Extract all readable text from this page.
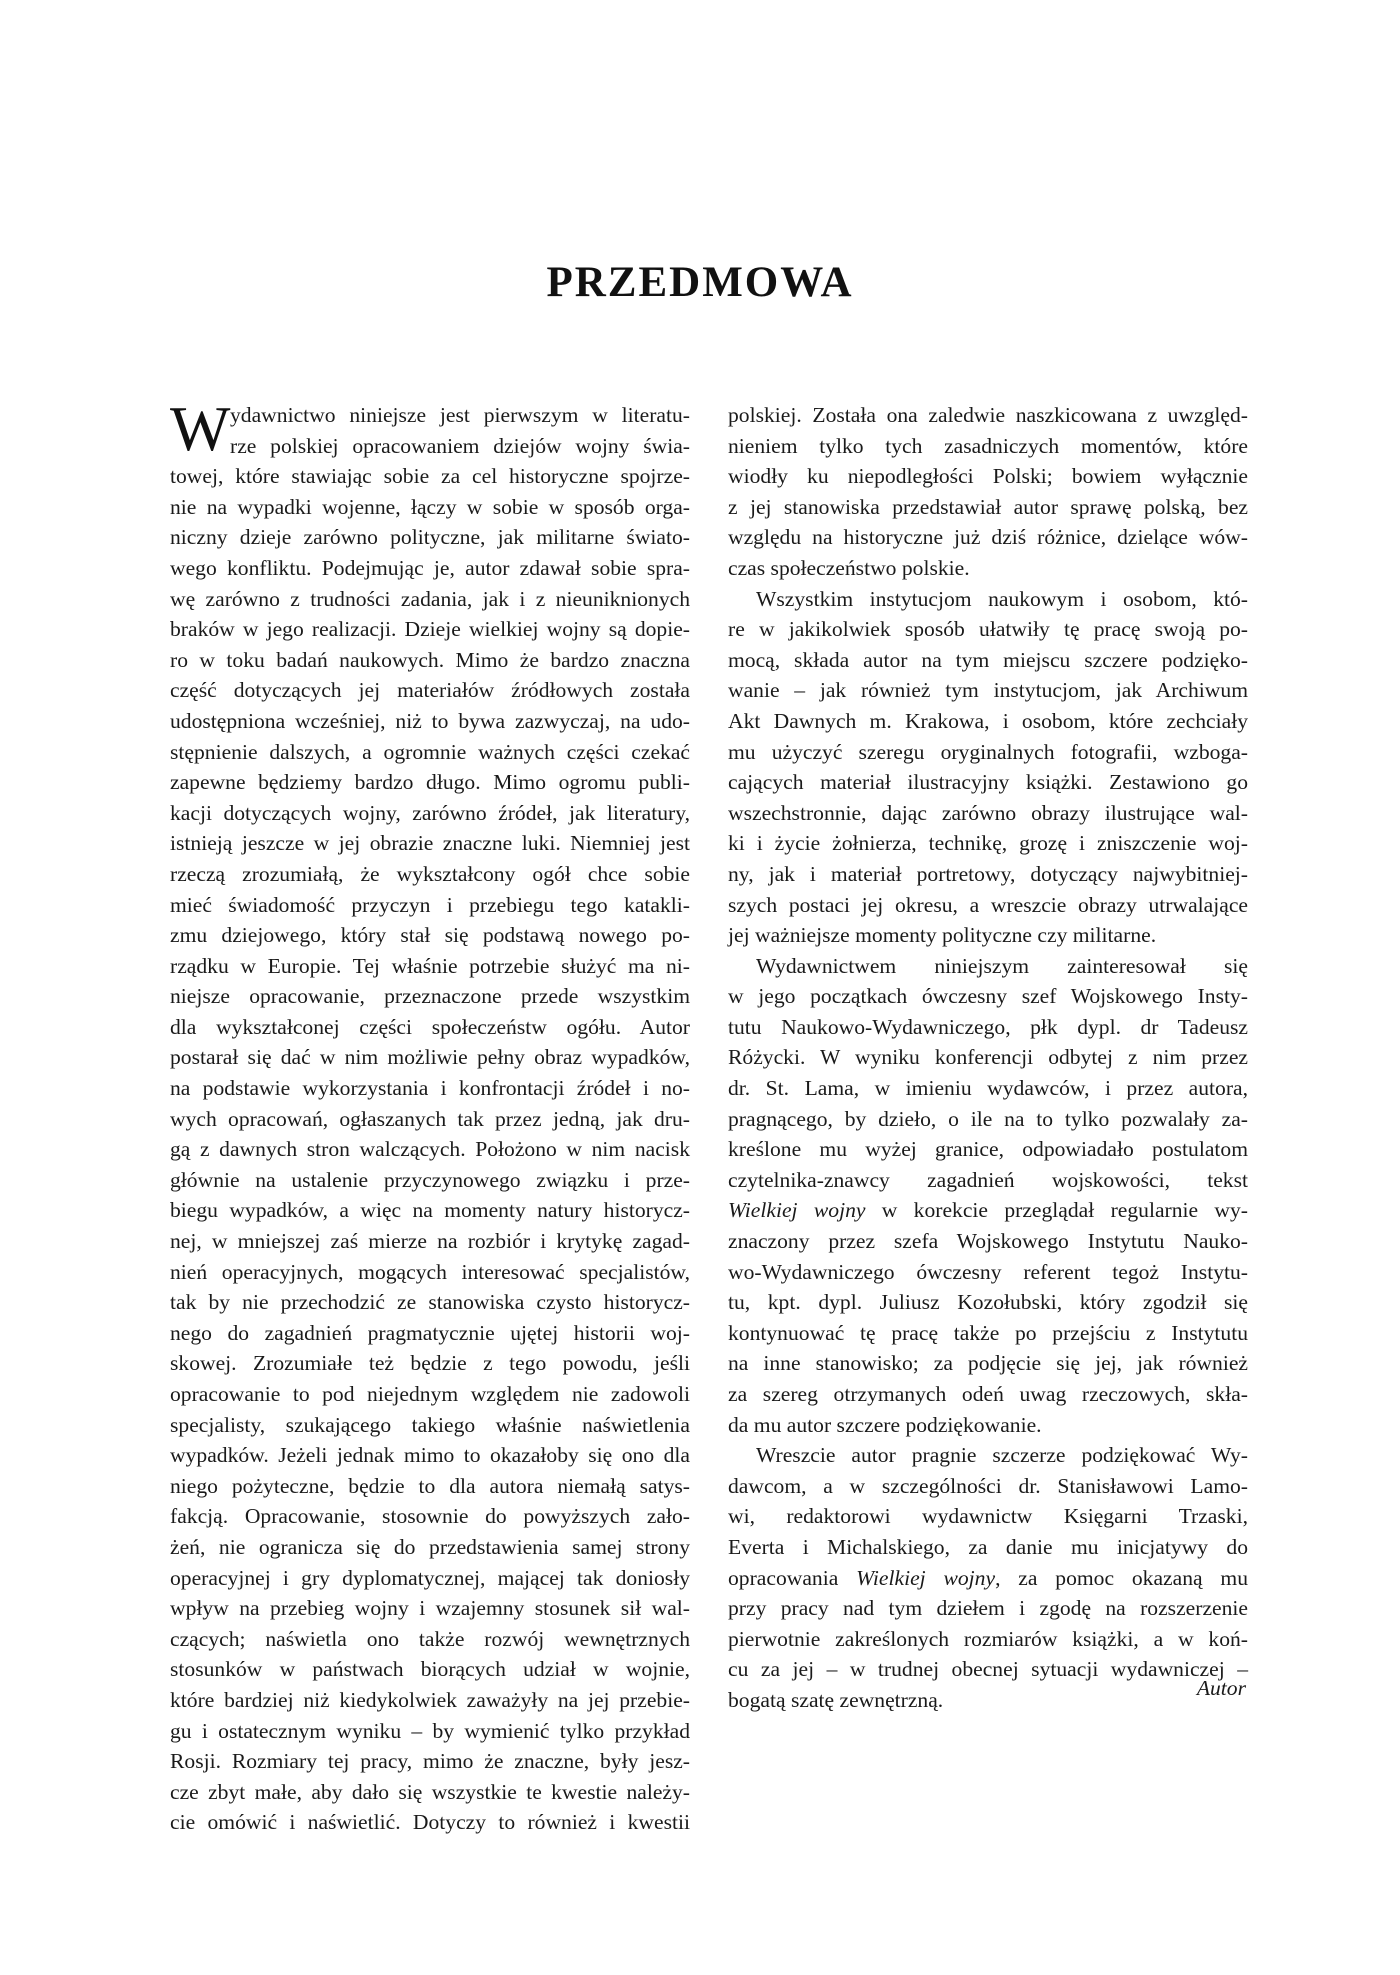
PRZEDMOWA
W ydawnictwo niniejsze jest pierwszym w literatu-
rze polskiej opracowaniem dziejów wojny świa-
towej, które stawiając sobie za cel historyczne spojrze-
nie na wypadki wojenne, łączy w sobie w sposób orga-
niczny dzieje zarówno polityczne, jak militarne świato-
wego konfliktu. Podejmując je, autor zdawał sobie spra-
wę zarówno z trudności zadania, jak i z nieuniknionych
braków w jego realizacji. Dzieje wielkiej wojny są dopie-
ro w toku badań naukowych. Mimo że bardzo znaczna
część dotyczących jej materiałów źródłowych została
udostępniona wcześniej, niż to bywa zazwyczaj, na udo-
stępnienie dalszych, a ogromnie ważnych części czekać
zapewne będziemy bardzo długo. Mimo ogromu publi-
kacji dotyczących wojny, zarówno źródeł, jak literatury,
istnieją jeszcze w jej obrazie znaczne luki. Niemniej jest
rzeczą zrozumiałą, że wykształcony ogół chce sobie
mieć świadomość przyczyn i przebiegu tego katakli-
zmu dziejowego, który stał się podstawą nowego po-
rządku w Europie. Tej właśnie potrzebie służyć ma ni-
niejsze opracowanie, przeznaczone przede wszystkim
dla wykształconej części społeczeństw ogółu. Autor
postarał się dać w nim możliwie pełny obraz wypadków,
na podstawie wykorzystania i konfrontacji źródeł i no-
wych opracowań, ogłaszanych tak przez jedną, jak dru-
gą z dawnych stron walczących. Położono w nim nacisk
głównie na ustalenie przyczynowego związku i prze-
biegu wypadków, a więc na momenty natury historycz-
nej, w mniejszej zaś mierze na rozbiór i krytykę zagad-
nień operacyjnych, mogących interesować specjalistów,
tak by nie przechodzić ze stanowiska czysto historycz-
nego do zagadnień pragmatycznie ujętej historii woj-
skowej. Zrozumiałe też będzie z tego powodu, jeśli
opracowanie to pod niejednym względem nie zadowoli
specjalisty, szukającego takiego właśnie naświetlenia
wypadków. Jeżeli jednak mimo to okazałoby się ono dla
niego pożyteczne, będzie to dla autora niemałą satys-
fakcją. Opracowanie, stosownie do powyższych zało-
żeń, nie ogranicza się do przedstawienia samej strony
operacyjnej i gry dyplomatycznej, mającej tak doniosły
wpływ na przebieg wojny i wzajemny stosunek sił wal-
czących; naświetla ono także rozwój wewnętrznych
stosunków w państwach biorących udział w wojnie,
które bardziej niż kiedykolwiek zaważyły na jej przebie-
gu i ostatecznym wyniku – by wymienić tylko przykład
Rosji. Rozmiary tej pracy, mimo że znaczne, były jesz-
cze zbyt małe, aby dało się wszystkie te kwestie należy-
cie omówić i naświetlić. Dotyczy to również i kwestii
polskiej. Została ona zaledwie naszkicowana z uwzględ-
nieniem tylko tych zasadniczych momentów, które
wiodły ku niepodległości Polski; bowiem wyłącznie
z jej stanowiska przedstawiał autor sprawę polską, bez
względu na historyczne już dziś różnice, dzielące wów-
czas społeczeństwo polskie.
Wszystkim instytucjom naukowym i osobom, któ-
re w jakikolwiek sposób ułatwiły tę pracę swoją po-
mocą, składa autor na tym miejscu szczere podzięko-
wanie – jak również tym instytucjom, jak Archiwum
Akt Dawnych m. Krakowa, i osobom, które zechciały
mu użyczyć szeregu oryginalnych fotografii, wzboga-
cających materiał ilustracyjny książki. Zestawiono go
wszechstronnie, dając zarówno obrazy ilustrujące wal-
ki i życie żołnierza, technikę, grozę i zniszczenie woj-
ny, jak i materiał portretowy, dotyczący najwybitniej-
szych postaci jej okresu, a wreszcie obrazy utrwalające
jej ważniejsze momenty polityczne czy militarne.
Wydawnictwem niniejszym zainteresował się
w jego początkach ówczesny szef Wojskowego Insty-
tutu Naukowo-Wydawniczego, płk dypl. dr Tadeusz
Różycki. W wyniku konferencji odbytej z nim przez
dr. St. Lama, w imieniu wydawców, i przez autora,
pragnącego, by dzieło, o ile na to tylko pozwalały za-
kreślone mu wyżej granice, odpowiadało postulatom
czytelnika-znawcy zagadnień wojskowości, tekst
Wielkiej wojny w korekcie przeglądał regularnie wy-
znaczony przez szefa Wojskowego Instytutu Nauko-
wo-Wydawniczego ówczesny referent tegoż Instytu-
tu, kpt. dypl. Juliusz Kozołubski, który zgodził się
kontynuować tę pracę także po przejściu z Instytutu
na inne stanowisko; za podjęcie się jej, jak również
za szereg otrzymanych odeń uwag rzeczowych, skła-
da mu autor szczere podziękowanie.
Wreszcie autor pragnie szczerze podziękować Wy-
dawcom, a w szczególności dr. Stanisławowi Lamo-
wi, redaktorowi wydawnictw Księgarni Trzaski,
Everta i Michalskiego, za danie mu inicjatywy do
opracowania Wielkiej wojny, za pomoc okazaną mu
przy pracy nad tym dziełem i zgodę na rozszerzenie
pierwotnie zakreślonych rozmiarów książki, a w koń-
cu za jej – w trudnej obecnej sytuacji wydawniczej –
bogatą szatę zewnętrzną.	Autor
